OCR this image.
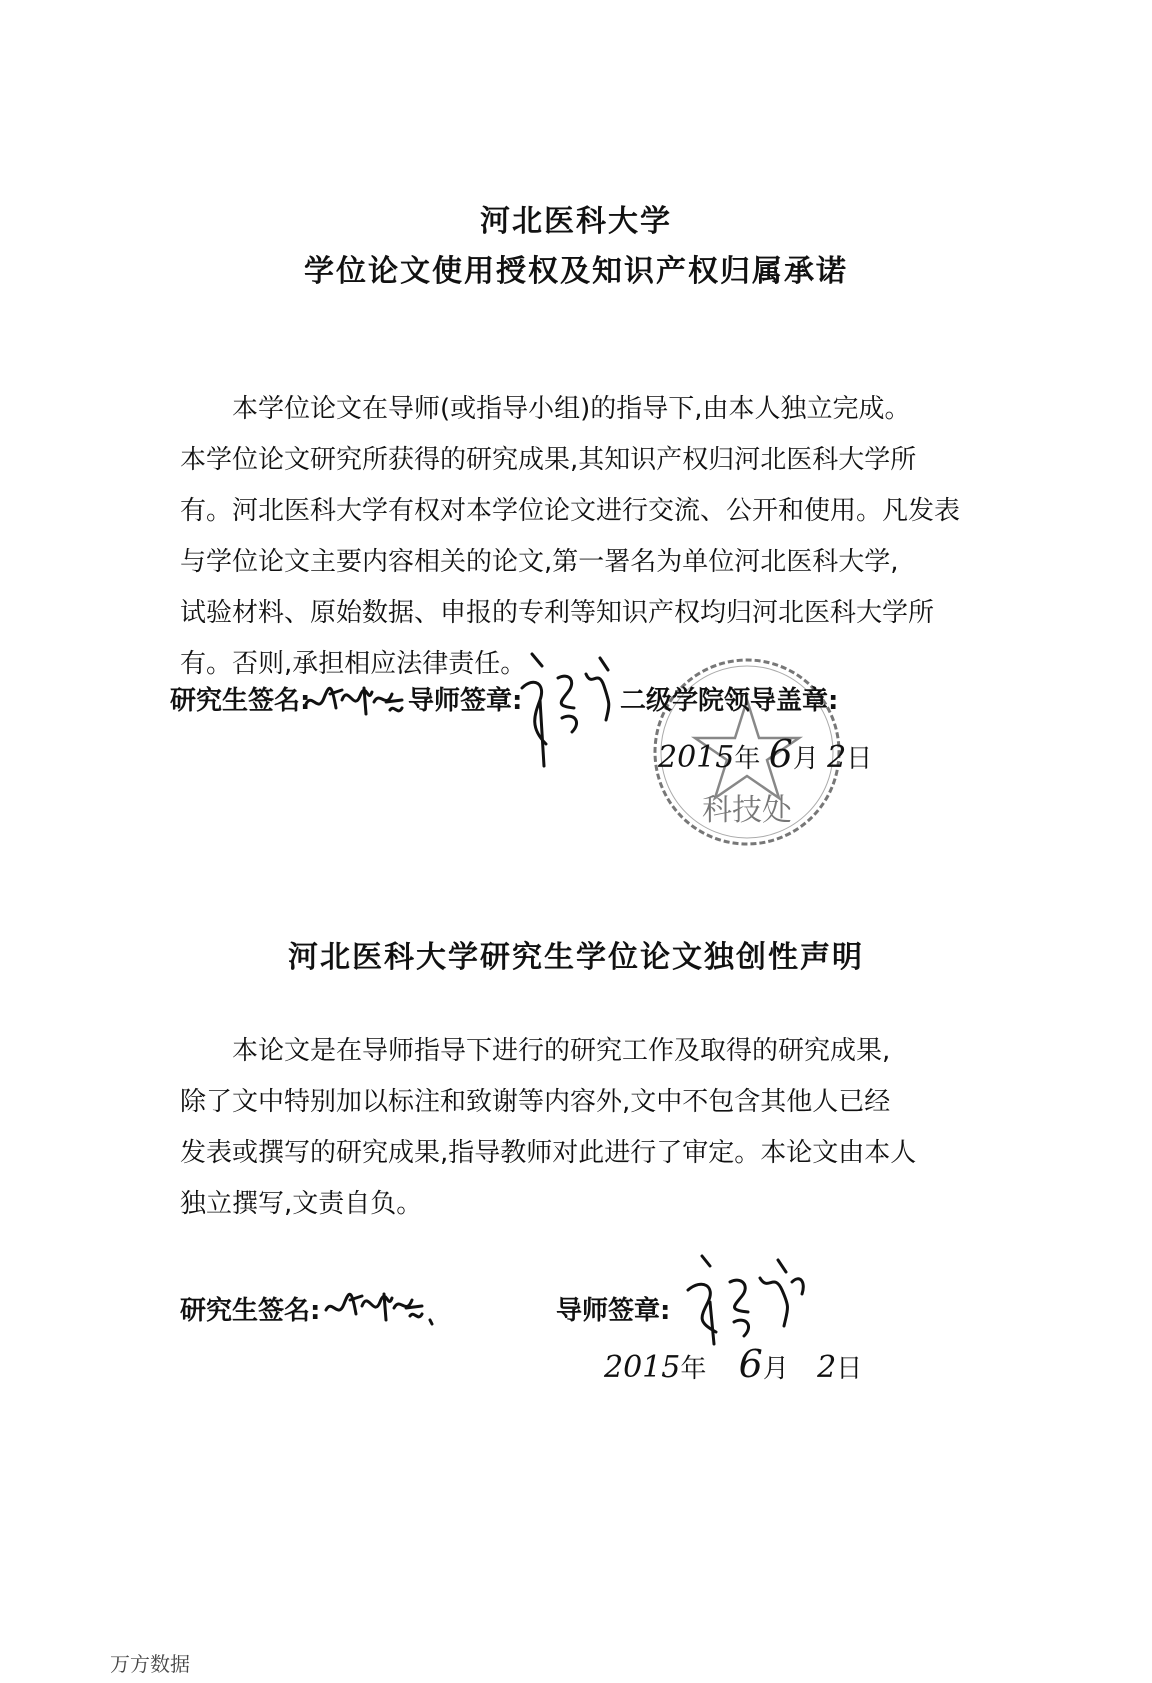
河北医科大学
学位论文使用授权及知识产权归属承诺
本学位论文在导师(或指导小组)的指导下,由本人独立完成。
本学位论文研究所获得的研究成果,其知识产权归河北医科大学所
有。河北医科大学有权对本学位论文进行交流、公开和使用。凡发表
与学位论文主要内容相关的论文,第一署名为单位河北医科大学,
试验材料、原始数据、申报的专利等知识产权均归河北医科大学所
有。否则,承担相应法律责任。
科技处
研究生签名:	导师签章:	二级学院领导盖章:
2015年 6月 2日
河北医科大学研究生学位论文独创性声明
本论文是在导师指导下进行的研究工作及取得的研究成果,
除了文中特别加以标注和致谢等内容外,文中不包含其他人已经
发表或撰写的研究成果,指导教师对此进行了审定。本论文由本人
独立撰写,文责自负。
研究生签名:	导师签章:
2015年 6月 2日
万方数据
